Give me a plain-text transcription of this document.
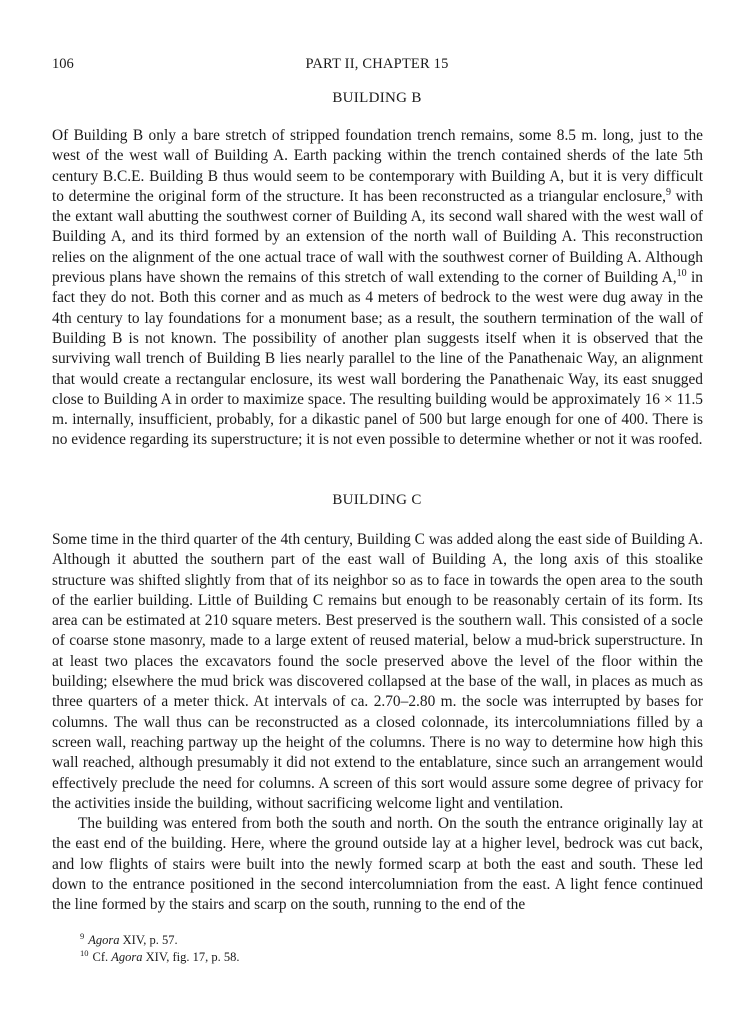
106	PART II, CHAPTER 15
BUILDING B

Of Building B only a bare stretch of stripped foundation trench remains, some 8.5 m. long, just to the west of the west wall of Building A. Earth packing within the trench contained sherds of the late 5th century B.C.E. Building B thus would seem to be contemporary with Building A, but it is very difficult to determine the original form of the structure. It has been reconstructed as a triangular enclosure,$^9$ with the extant wall abutting the southwest corner of Building A, its second wall shared with the west wall of Building A, and its third formed by an extension of the north wall of Building A. This reconstruction relies on the alignment of the one actual trace of wall with the southwest corner of Building A. Although previous plans have shown the remains of this stretch of wall extending to the corner of Building A,$^{10}$ in fact they do not. Both this corner and as much as 4 meters of bedrock to the west were dug away in the 4th century to lay foundations for a monument base; as a result, the southern termination of the wall of Building B is not known. The possibility of another plan suggests itself when it is observed that the surviving wall trench of Building B lies nearly parallel to the line of the Panathenaic Way, an alignment that would create a rectangular enclosure, its west wall bordering the Panathenaic Way, its east snugged close to Building A in order to maximize space. The resulting building would be approximately 16 × 11.5 m. internally, insufficient, probably, for a dikastic panel of 500 but large enough for one of 400. There is no evidence regarding its superstructure; it is not even possible to determine whether or not it was roofed.

BUILDING C

Some time in the third quarter of the 4th century, Building C was added along the east side of Building A. Although it abutted the southern part of the east wall of Building A, the long axis of this stoalike structure was shifted slightly from that of its neighbor so as to face in towards the open area to the south of the earlier building. Little of Building C remains but enough to be reasonably certain of its form. Its area can be estimated at 210 square meters. Best preserved is the southern wall. This consisted of a socle of coarse stone masonry, made to a large extent of reused material, below a mud-brick superstructure. In at least two places the excavators found the socle preserved above the level of the floor within the building; elsewhere the mud brick was discovered collapsed at the base of the wall, in places as much as three quarters of a meter thick. At intervals of ca. 2.70–2.80 m. the socle was interrupted by bases for columns. The wall thus can be reconstructed as a closed colonnade, its intercolumniations filled by a screen wall, reaching partway up the height of the columns. There is no way to determine how high this wall reached, although presumably it did not extend to the entablature, since such an arrangement would effectively preclude the need for columns. A screen of this sort would assure some degree of privacy for the activities inside the building, without sacrificing welcome light and ventilation.

The building was entered from both the south and north. On the south the entrance originally lay at the east end of the building. Here, where the ground outside lay at a higher level, bedrock was cut back, and low flights of stairs were built into the newly formed scarp at both the east and south. These led down to the entrance positioned in the second intercolumniation from the east. A light fence continued the line formed by the stairs and scarp on the south, running to the end of the

$^9$ Agora XIV, p. 57.
$^{10}$ Cf. Agora XIV, fig. 17, p. 58.
